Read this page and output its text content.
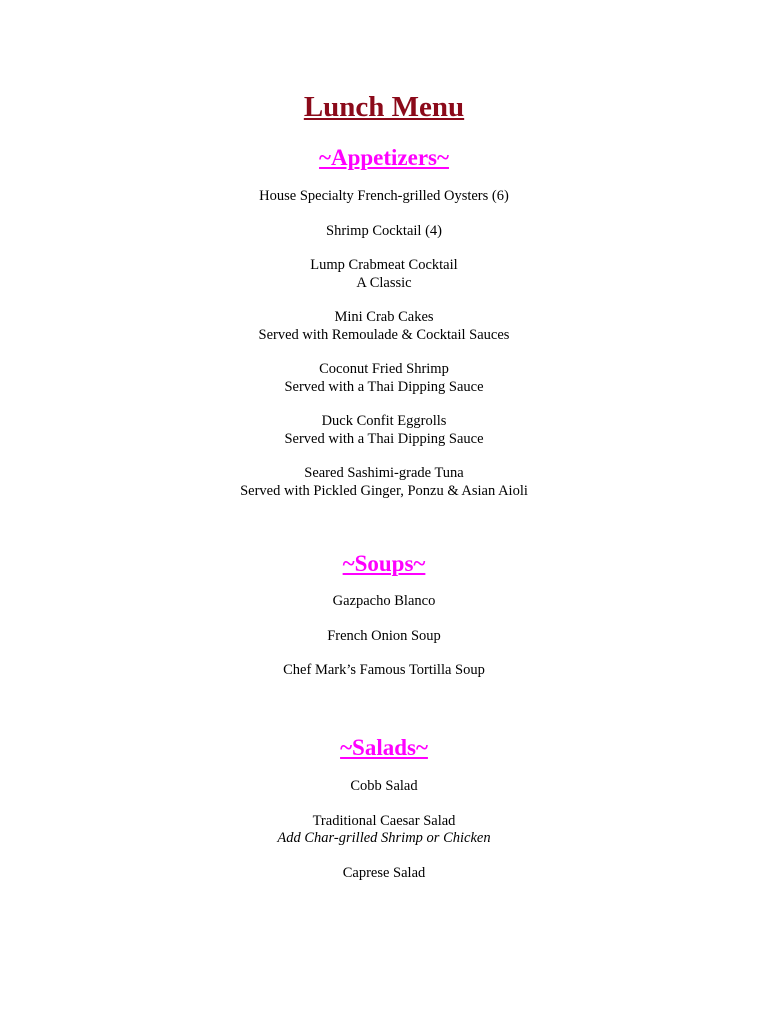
Lunch Menu
~Appetizers~
House Specialty French-grilled Oysters (6)
Shrimp Cocktail (4)
Lump Crabmeat Cocktail
A Classic
Mini Crab Cakes
Served with Remoulade & Cocktail Sauces
Coconut Fried Shrimp
Served with a Thai Dipping Sauce
Duck Confit Eggrolls
Served with a Thai Dipping Sauce
Seared Sashimi-grade Tuna
Served with Pickled Ginger, Ponzu & Asian Aioli
~Soups~
Gazpacho Blanco
French Onion Soup
Chef Mark’s Famous Tortilla Soup
~Salads~
Cobb Salad
Traditional Caesar Salad
Add Char-grilled Shrimp or Chicken
Caprese Salad
